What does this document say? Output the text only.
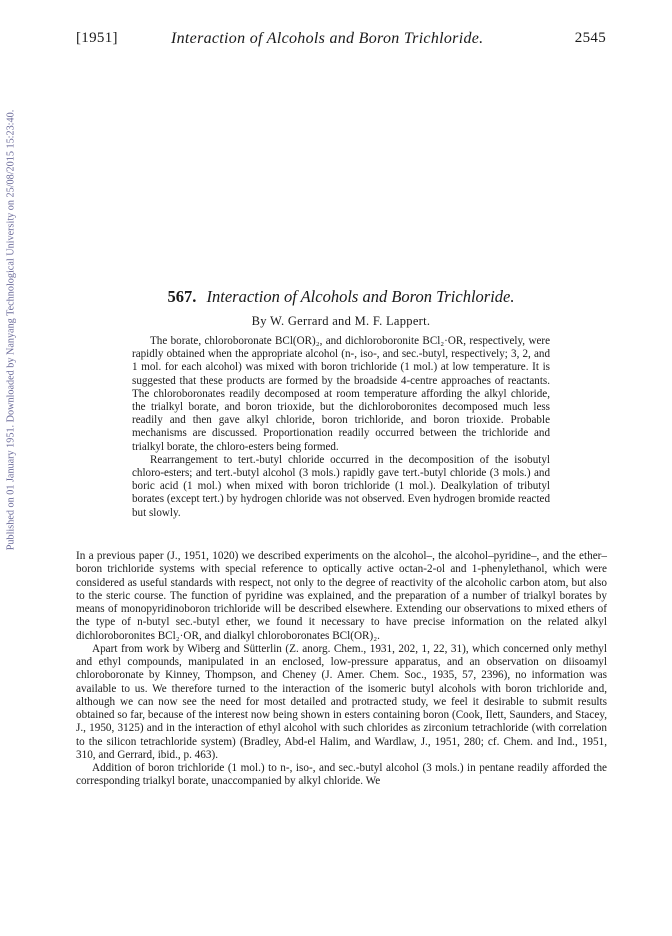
[1951]	Interaction of Alcohols and Boron Trichloride.	2545
Published on 01 January 1951. Downloaded by Nanyang Technological University on 25/08/2015 15:23:40.	567. Interaction of Alcohols and Boron Trichloride.
By W. Gerrard and M. F. Lappert.

The borate, chloroboronate BCl(OR)₂, and dichloroboronite BCl₂·OR, respectively, were rapidly obtained when the appropriate alcohol (n-, iso-, and sec.-butyl, respectively; 3, 2, and 1 mol. for each alcohol) was mixed with boron trichloride (1 mol.) at low temperature. It is suggested that these products are formed by the broadside 4-centre approaches of reactants. The chloroboronates readily decomposed at room temperature affording the alkyl chloride, the trialkyl borate, and boron trioxide, but the dichloroboronites decomposed much less readily and then gave alkyl chloride, boron trichloride, and boron trioxide. Probable mechanisms are discussed. Proportionation readily occurred between the trichloride and trialkyl borate, the chloro-esters being formed.

Rearrangement to tert.-butyl chloride occurred in the decomposition of the isobutyl chloro-esters; and tert.-butyl alcohol (3 mols.) rapidly gave tert.-butyl chloride (3 mols.) and boric acid (1 mol.) when mixed with boron trichloride (1 mol.). Dealkylation of tributyl borates (except tert.) by hydrogen chloride was not observed. Even hydrogen bromide reacted but slowly.

In a previous paper (J., 1951, 1020) we described experiments on the alcohol–, the alcohol–pyridine–, and the ether–boron trichloride systems with special reference to optically active octan-2-ol and 1-phenylethanol, which were considered as useful standards with respect, not only to the degree of reactivity of the alcoholic carbon atom, but also to the steric course. The function of pyridine was explained, and the preparation of a number of trialkyl borates by means of monopyridinoboron trichloride will be described elsewhere. Extending our observations to mixed ethers of the type of n-butyl sec.-butyl ether, we found it necessary to have precise information on the related alkyl dichloroboronites BCl₂·OR, and dialkyl chloroboronates BCl(OR)₂.

Apart from work by Wiberg and Sütterlin (Z. anorg. Chem., 1931, 202, 1, 22, 31), which concerned only methyl and ethyl compounds, manipulated in an enclosed, low-pressure apparatus, and an observation on diisoamyl chloroboronate by Kinney, Thompson, and Cheney (J. Amer. Chem. Soc., 1935, 57, 2396), no information was available to us. We therefore turned to the interaction of the isomeric butyl alcohols with boron trichloride and, although we can now see the need for most detailed and protracted study, we feel it desirable to submit results obtained so far, because of the interest now being shown in esters containing boron (Cook, Ilett, Saunders, and Stacey, J., 1950, 3125) and in the interaction of ethyl alcohol with such chlorides as zirconium tetrachloride (with correlation to the silicon tetrachloride system) (Bradley, Abd-el Halim, and Wardlaw, J., 1951, 280; cf. Chem. and Ind., 1951, 310, and Gerrard, ibid., p. 463).

Addition of boron trichloride (1 mol.) to n-, iso-, and sec.-butyl alcohol (3 mols.) in pentane readily afforded the corresponding trialkyl borate, unaccompanied by alkyl chloride. We
